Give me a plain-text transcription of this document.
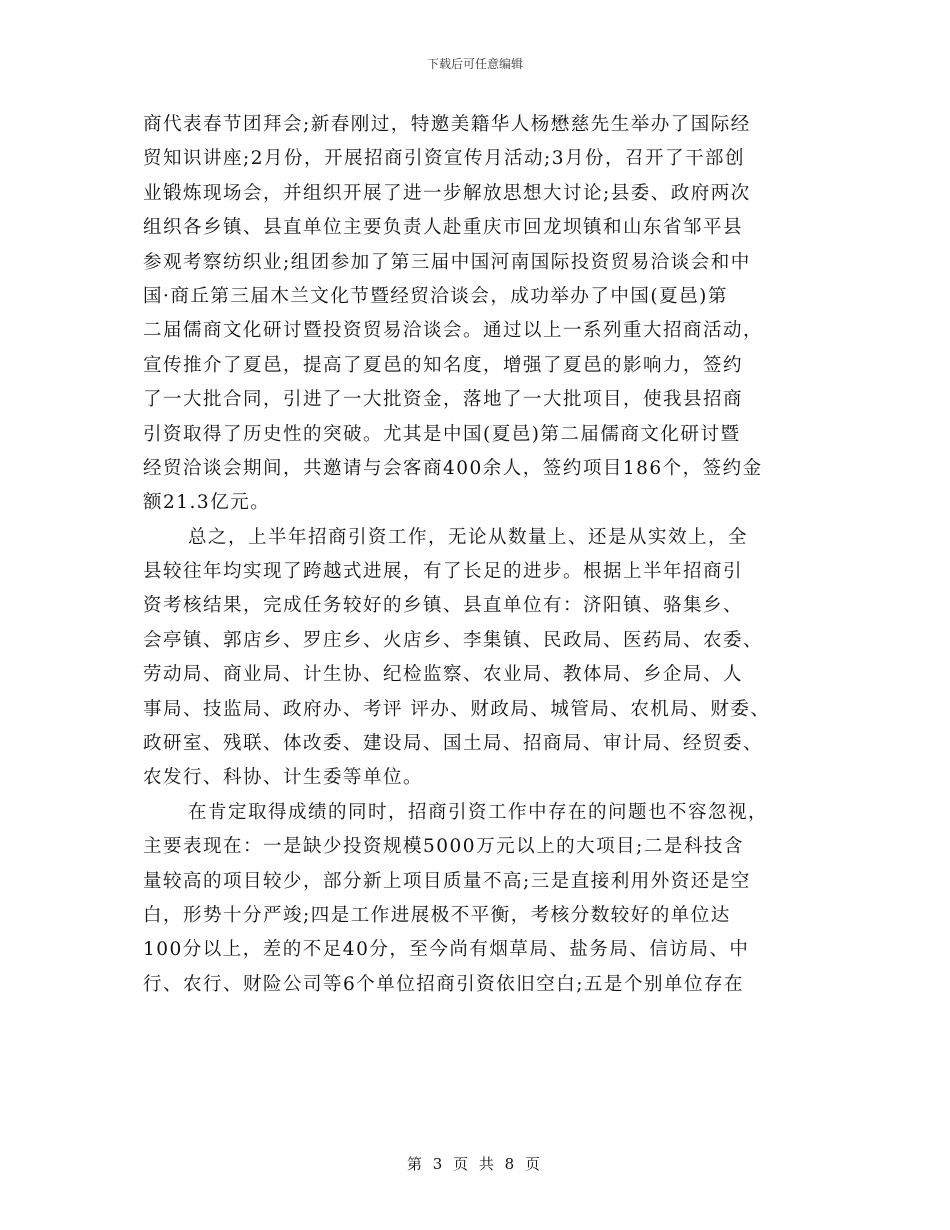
下载后可任意编辑
商代表春节团拜会;新春刚过，特邀美籍华人杨懋慈先生举办了国际经
贸知识讲座;2月份，开展招商引资宣传月活动;3月份，召开了干部创
业锻炼现场会，并组织开展了进一步解放思想大讨论;县委、政府两次
组织各乡镇、县直单位主要负责人赴重庆市回龙坝镇和山东省邹平县
参观考察纺织业;组团参加了第三届中国河南国际投资贸易洽谈会和中
国·商丘第三届木兰文化节暨经贸洽谈会，成功举办了中国(夏邑)第
二届儒商文化研讨暨投资贸易洽谈会。通过以上一系列重大招商活动，
宣传推介了夏邑，提高了夏邑的知名度，增强了夏邑的影响力，签约
了一大批合同，引进了一大批资金，落地了一大批项目，使我县招商
引资取得了历史性的突破。尤其是中国(夏邑)第二届儒商文化研讨暨
经贸洽谈会期间，共邀请与会客商400余人，签约项目186个，签约金
额21.3亿元。
总之，上半年招商引资工作，无论从数量上、还是从实效上，全
县较往年均实现了跨越式进展，有了长足的进步。根据上半年招商引
资考核结果，完成任务较好的乡镇、县直单位有：济阳镇、骆集乡、
会亭镇、郭店乡、罗庄乡、火店乡、李集镇、民政局、医药局、农委、
劳动局、商业局、计生协、纪检监察、农业局、教体局、乡企局、人
事局、技监局、政府办、考评 评办、财政局、城管局、农机局、财委、
政研室、残联、体改委、建设局、国土局、招商局、审计局、经贸委、
农发行、科协、计生委等单位。
在肯定取得成绩的同时，招商引资工作中存在的问题也不容忽视，
主要表现在：一是缺少投资规模5000万元以上的大项目;二是科技含
量较高的项目较少，部分新上项目质量不高;三是直接利用外资还是空
白，形势十分严竣;四是工作进展极不平衡，考核分数较好的单位达
100分以上，差的不足40分，至今尚有烟草局、盐务局、信访局、中
行、农行、财险公司等6个单位招商引资依旧空白;五是个别单位存在
第 3 页 共 8 页
